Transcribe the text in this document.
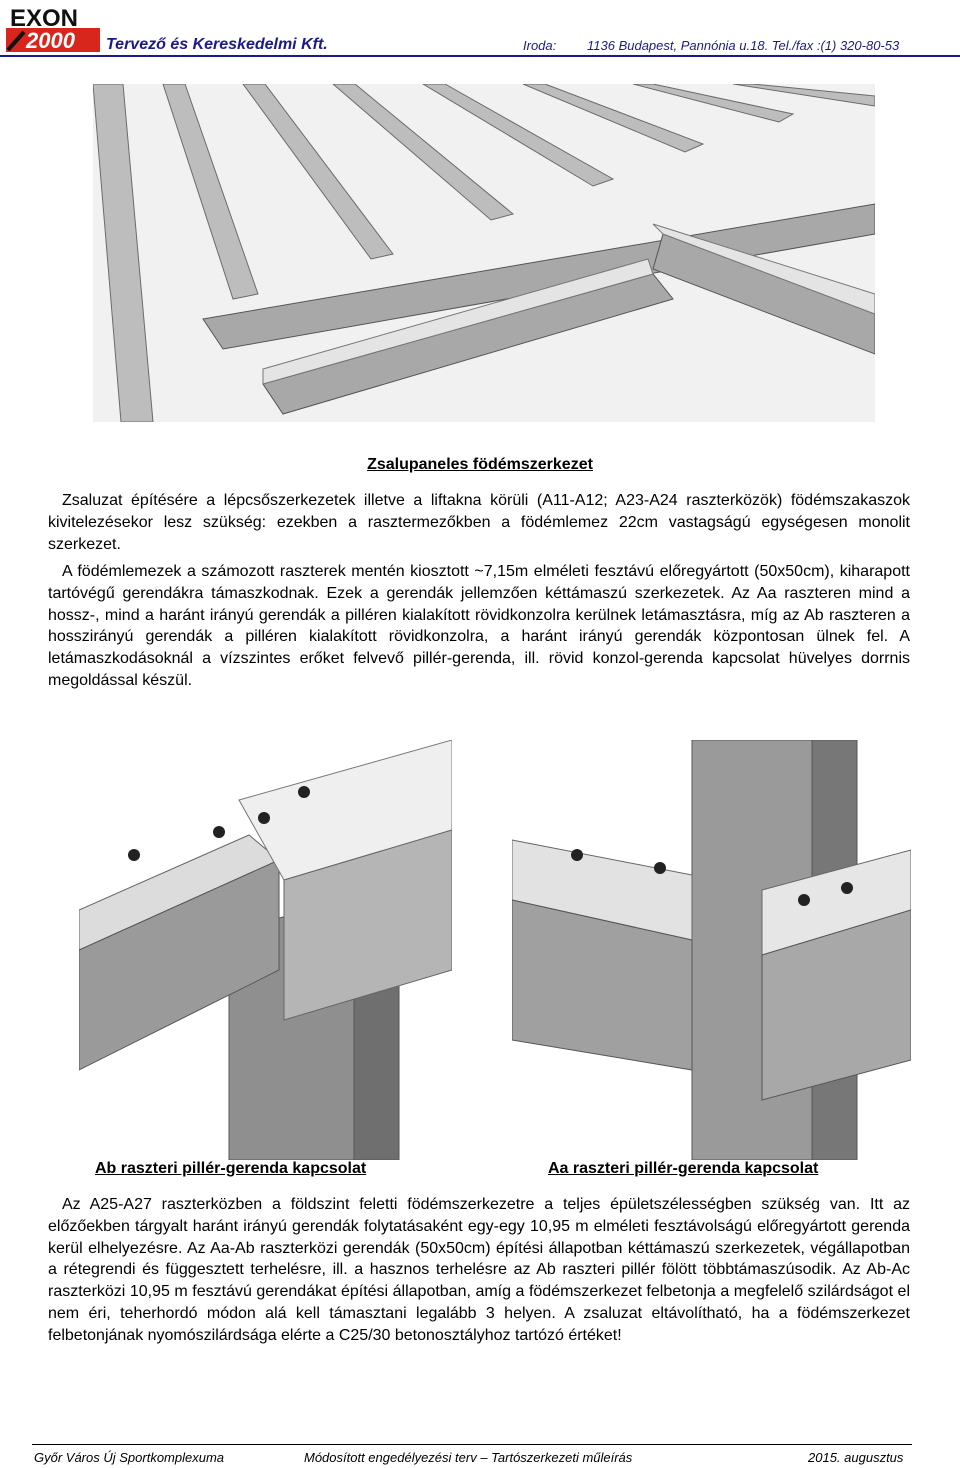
EXON
2000 Tervező és Kereskedelmi Kft.	Iroda: 1136 Budapest, Pannónia u.18. Tel./fax :(1) 320-80-53
Zsalupaneles födémszerkezet

Zsaluzat építésére a lépcsőszerkezetek illetve a liftakna körüli (A11-A12; A23-A24 raszterközök) födémszakaszok kivitelezésekor lesz szükség: ezekben a rasztermezőkben a födémlemez 22cm vastagságú egységesen monolit szerkezet.

A födémlemezek a számozott raszterek mentén kiosztott ~7,15m elméleti fesztávú előregyártott (50x50cm), kiharapott tartóvégű gerendákra támaszkodnak. Ezek a gerendák jellemzően kéttámaszú szerkezetek. Az Aa raszteren mind a hossz-, mind a haránt irányú gerendák a pilléren kialakított rövidkonzolra kerülnek letámasztásra, míg az Ab raszteren a hosszirányú gerendák a pilléren kialakított rövidkonzolra, a haránt irányú gerendák központosan ülnek fel. A letámaszkodásoknál a vízszintes erőket felvevő pillér-gerenda, ill. rövid konzol-gerenda kapcsolat hüvelyes dorrnis megoldással készül.

Ab raszteri pillér-gerenda kapcsolat	Aa raszteri pillér-gerenda kapcsolat

Az A25-A27 raszterközben a földszint feletti födémszerkezetre a teljes épületszélességben szükség van. Itt az előzőekben tárgyalt haránt irányú gerendák folytatásaként egy-egy 10,95 m elméleti fesztávolságú előregyártott gerenda kerül elhelyezésre. Az Aa-Ab raszterközi gerendák (50x50cm) építési állapotban kéttámaszú szerkezetek, végállapotban a rétegrendi és függesztett terhelésre, ill. a hasznos terhelésre az Ab raszteri pillér fölött többtámaszúsodik. Az Ab-Ac raszterközi 10,95 m fesztávú gerendákat építési állapotban, amíg a födémszerkezet felbetonja a megfelelő szilárdságot el nem éri, teherhordó módon alá kell támasztani legalább 3 helyen. A zsaluzat eltávolítható, ha a födémszerkezet felbetonjának nyomószilárdsága elérte a C25/30 betonosztályhoz tartózó értéket!

Győr Város Új Sportkomplexuma	Módosított engedélyezési terv – Tartószerkezeti műleírás	2015. augusztus
